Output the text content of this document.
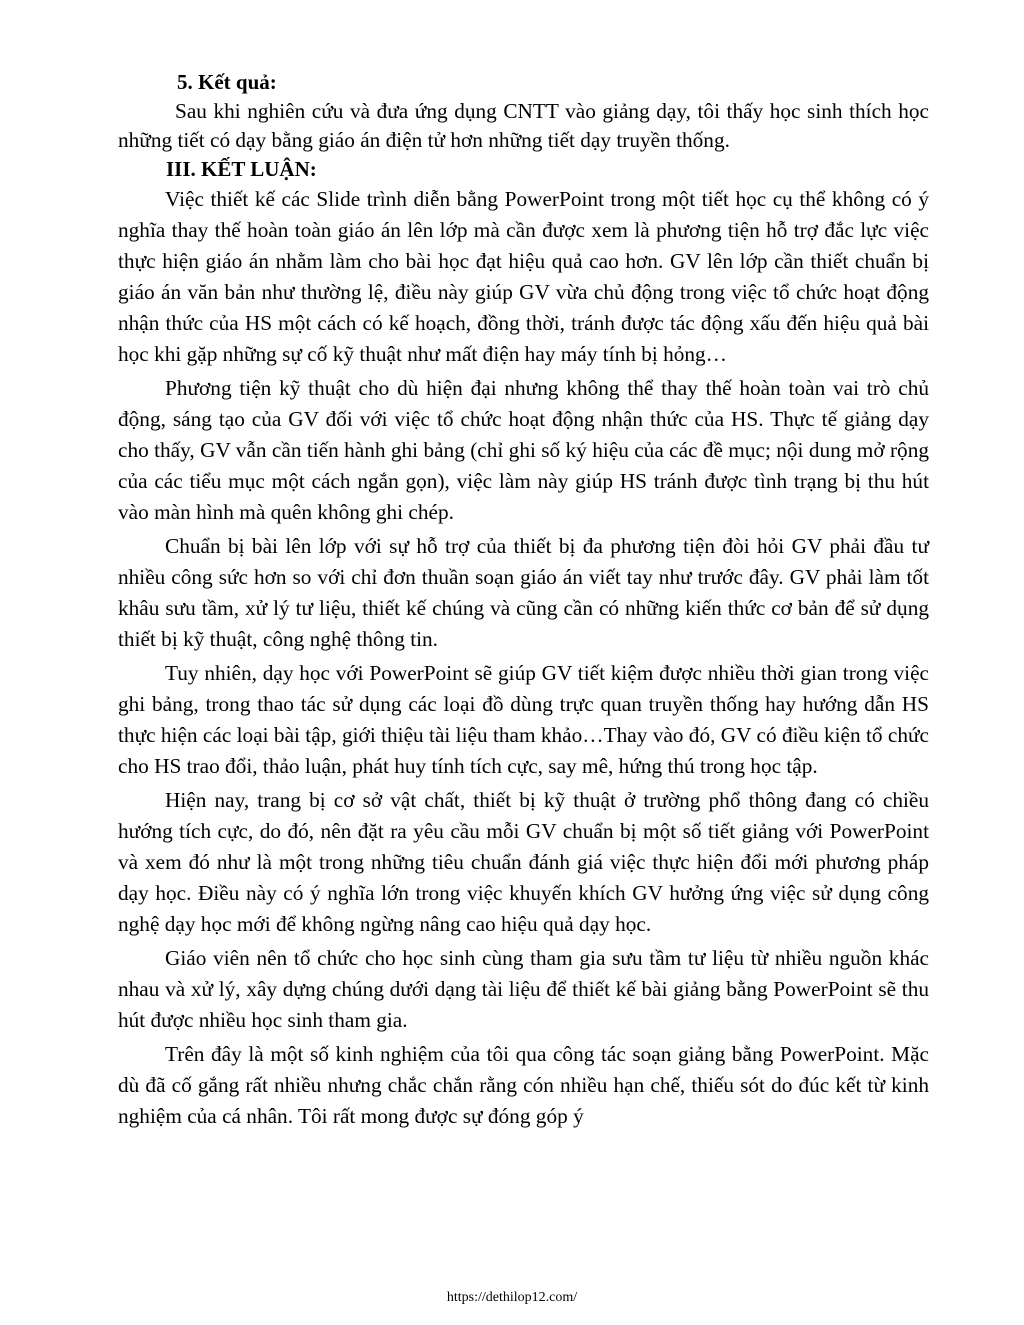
5. Kết quả:

Sau khi nghiên cứu và đưa ứng dụng CNTT vào giảng dạy, tôi thấy học sinh thích học những tiết có dạy bằng giáo án điện tử hơn những tiết dạy truyền thống.

III. KẾT LUẬN:

Việc thiết kế các Slide trình diễn bằng PowerPoint trong một tiết học cụ thể không có ý nghĩa thay thế hoàn toàn giáo án lên lớp mà cần được xem là phương tiện hỗ trợ đắc lực việc thực hiện giáo án nhằm làm cho bài học đạt hiệu quả cao hơn. GV lên lớp cần thiết chuẩn bị giáo án văn bản như thường lệ, điều này giúp GV vừa chủ động trong việc tổ chức hoạt động nhận thức của HS một cách có kế hoạch, đồng thời, tránh được tác động xấu đến hiệu quả bài học khi gặp những sự cố kỹ thuật như mất điện hay máy tính bị hỏng…

Phương tiện kỹ thuật cho dù hiện đại nhưng không thể thay thế hoàn toàn vai trò chủ động, sáng tạo của GV đối với việc tổ chức hoạt động nhận thức của HS. Thực tế giảng dạy cho thấy, GV vẫn cần tiến hành ghi bảng (chỉ ghi số ký hiệu của các đề mục; nội dung mở rộng của các tiểu mục một cách ngắn gọn), việc làm này giúp HS tránh được tình trạng bị thu hút vào màn hình mà quên không ghi chép.

Chuẩn bị bài lên lớp với sự hỗ trợ của thiết bị đa phương tiện đòi hỏi GV phải đầu tư nhiều công sức hơn so với chỉ đơn thuần soạn giáo án viết tay như trước đây. GV phải làm tốt khâu sưu tầm, xử lý tư liệu, thiết kế chúng và cũng cần có những kiến thức cơ bản để sử dụng thiết bị kỹ thuật, công nghệ thông tin.

Tuy nhiên, dạy học với PowerPoint sẽ giúp GV tiết kiệm được nhiều thời gian trong việc ghi bảng, trong thao tác sử dụng các loại đồ dùng trực quan truyền thống hay hướng dẫn HS thực hiện các loại bài tập, giới thiệu tài liệu tham khảo…Thay vào đó, GV có điều kiện tổ chức cho HS trao đổi, thảo luận, phát huy tính tích cực, say mê, hứng thú trong học tập.

Hiện nay, trang bị cơ sở vật chất, thiết bị kỹ thuật ở trường phổ thông đang có chiều hướng tích cực, do đó, nên đặt ra yêu cầu mỗi GV chuẩn bị một số tiết giảng với PowerPoint và xem đó như là một trong những tiêu chuẩn đánh giá việc thực hiện đổi mới phương pháp dạy học. Điều này có ý nghĩa lớn trong việc khuyến khích GV hưởng ứng việc sử dụng công nghệ dạy học mới để không ngừng nâng cao hiệu quả dạy học.

Giáo viên nên tổ chức cho học sinh cùng tham gia sưu tầm tư liệu từ nhiều nguồn khác nhau và xử lý, xây dựng chúng dưới dạng tài liệu để thiết kế bài giảng bằng PowerPoint sẽ thu hút được nhiều học sinh tham gia.

Trên đây là một số kinh nghiệm của tôi qua công tác soạn giảng bằng PowerPoint. Mặc dù đã cố gắng rất nhiều nhưng chắc chắn rằng cón nhiều hạn chế, thiếu sót do đúc kết từ kinh nghiệm của cá nhân. Tôi rất mong được sự đóng góp ý

https://dethilop12.com/
